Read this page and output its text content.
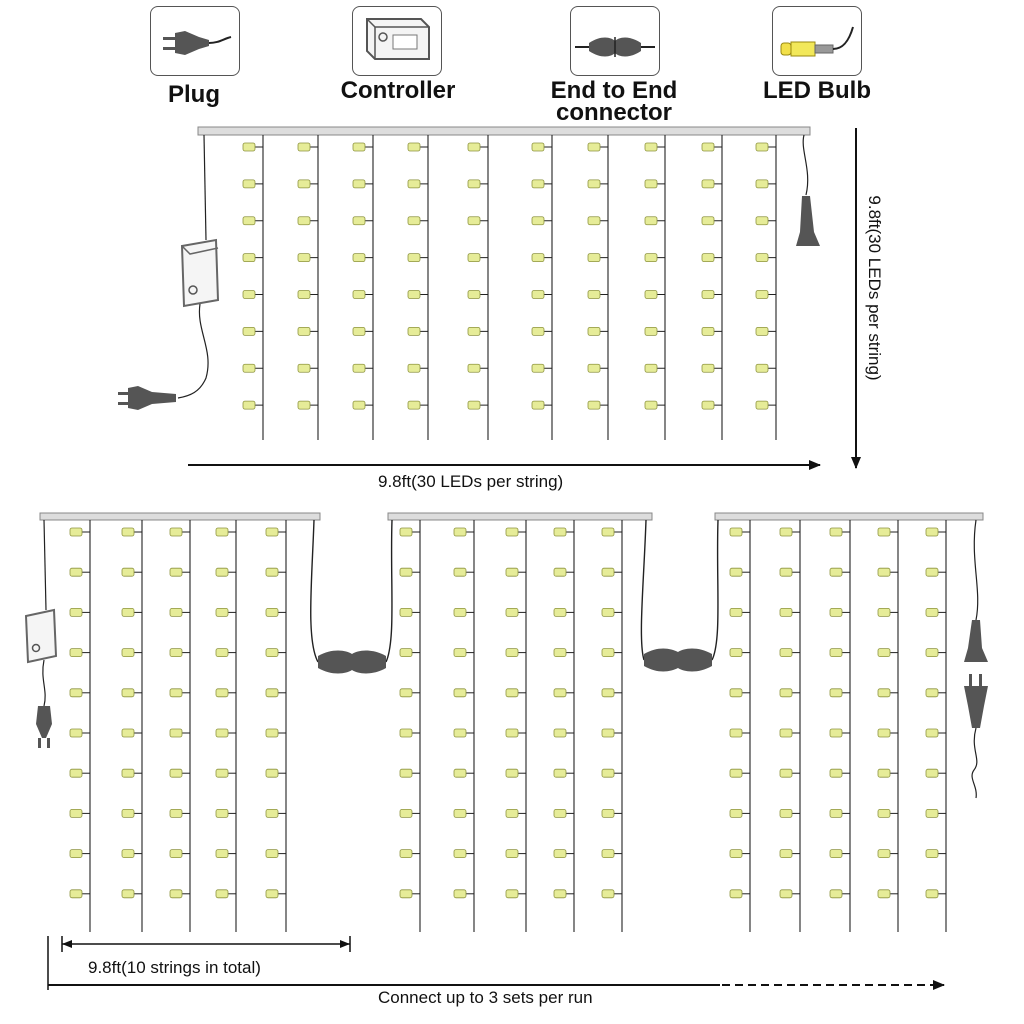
Plug	Controller	End to End
connector
LED Bulb
9.8ft(30 LEDs per string)
9.8ft(30 LEDs per string)
9.8ft(10 strings in total)
Connect up to 3 sets per run
